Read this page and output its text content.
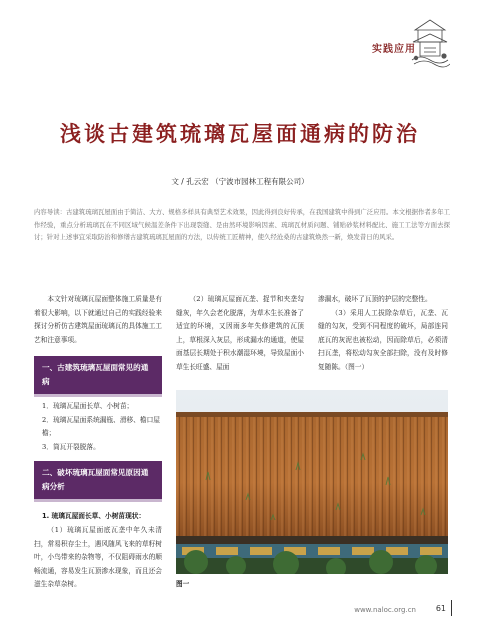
实践应用
浅谈古建筑琉璃瓦屋面通病的防治
文 / 孔云宏 （宁波市园林工程有限公司）

内容导读：古建筑琉璃瓦屋面由于简洁、大方、规格多样具有典型艺术效果，因此得到良好传承，在我国建筑中得到广泛应用。本文根据作者多年工作经验，重点分析琉璃瓦在不同区域气候温差条件下出现裂缝、是由然环境影响因素、琉璃瓦材质问题、铺贴砂浆材料配比、施工工法等方面去探讨；针对上述事宜采取防治和修缮古建筑琉璃瓦屋面的方法，以传统工匠精神，使久经沧桑的古建筑焕然一新，焕发昔日的风采。

本文针对琉璃瓦屋面整体施工质量是有着很大影响，以下就通过自己的实践经验来探讨分析仿古建筑屋面琉璃瓦的具体施工工艺和注意事项。

一、古建筑琉璃瓦屋面常见的通病
1．琉璃瓦屋面长草、小树苗；
2．琉璃瓦屋面系统漏瓶、滑移、檐口屋檐；
3．筒瓦开裂脱落。
二、破坏琉璃瓦屋面常见原因通病分析
1. 琉璃瓦屋面长草、小树苗现状：

（1）琉璃瓦屋面底瓦垄中年久未清扫，常易积存尘土，遇风随风飞来的草籽树叶，小鸟带来的杂物等，不仅阻碍雨水的顺畅流通，容易发生瓦顶渗水现象，而且还会滋生杂草杂树。

（2）琉璃瓦屋面瓦垄、捉节和夹垄勾缝灰，年久会老化脱落，为草木生长准备了适宜的环境，又因雨多年失修建筑的瓦顶上，草根深入灰层，形成漏水的通道，使屋面基层长期处于积水潮湿环境，导致屋面小草生长旺盛、屋面

渗漏水，破坏了瓦顶的护层的完整性。

（3）采用人工拔除杂草后，瓦垄、瓦缝的勾灰，受到不同程度的破坏，局部连同底瓦的灰泥也被松动，因而除草后，必须清扫瓦垄，将松动勾灰全部扫除，没有及时修复随陈。（图一）

图一
www.naloc.org.cn 61
